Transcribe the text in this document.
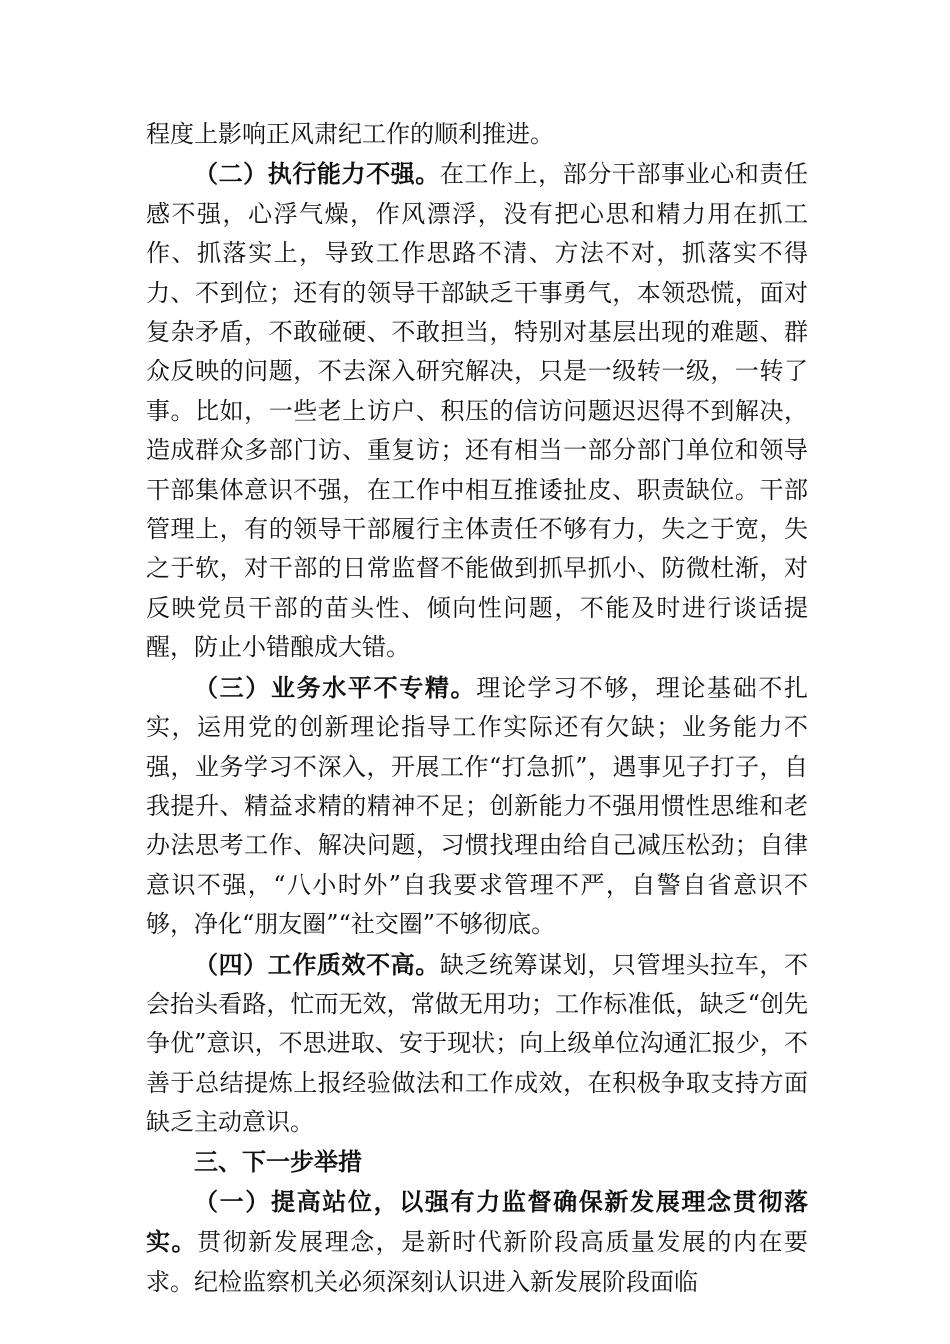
程度上影响正风肃纪工作的顺利推进。

（二）执行能力不强。在工作上，部分干部事业心和责任感不强，心浮气燥，作风漂浮，没有把心思和精力用在抓工作、抓落实上，导致工作思路不清、方法不对，抓落实不得力、不到位；还有的领导干部缺乏干事勇气，本领恐慌，面对复杂矛盾，不敢碰硬、不敢担当，特别对基层出现的难题、群众反映的问题，不去深入研究解决，只是一级转一级，一转了事。比如，一些老上访户、积压的信访问题迟迟得不到解决，造成群众多部门访、重复访；还有相当一部分部门单位和领导干部集体意识不强，在工作中相互推诿扯皮、职责缺位。干部管理上，有的领导干部履行主体责任不够有力，失之于宽，失之于软，对干部的日常监督不能做到抓早抓小、防微杜渐，对反映党员干部的苗头性、倾向性问题，不能及时进行谈话提醒，防止小错酿成大错。

（三）业务水平不专精。理论学习不够，理论基础不扎实，运用党的创新理论指导工作实际还有欠缺；业务能力不强，业务学习不深入，开展工作“打急抓”，遇事见子打子，自我提升、精益求精的精神不足；创新能力不强用惯性思维和老办法思考工作、解决问题，习惯找理由给自己减压松劲；自律意识不强，“八小时外”自我要求管理不严，自警自省意识不够，净化“朋友圈”“社交圈”不够彻底。

（四）工作质效不高。缺乏统筹谋划，只管埋头拉车，不会抬头看路，忙而无效，常做无用功；工作标准低，缺乏“创先争优”意识，不思进取、安于现状；向上级单位沟通汇报少，不善于总结提炼上报经验做法和工作成效，在积极争取支持方面缺乏主动意识。

三、下一步举措

（一）提高站位，以强有力监督确保新发展理念贯彻落实。贯彻新发展理念，是新时代新阶段高质量发展的内在要求。纪检监察机关必须深刻认识进入新发展阶段面临
